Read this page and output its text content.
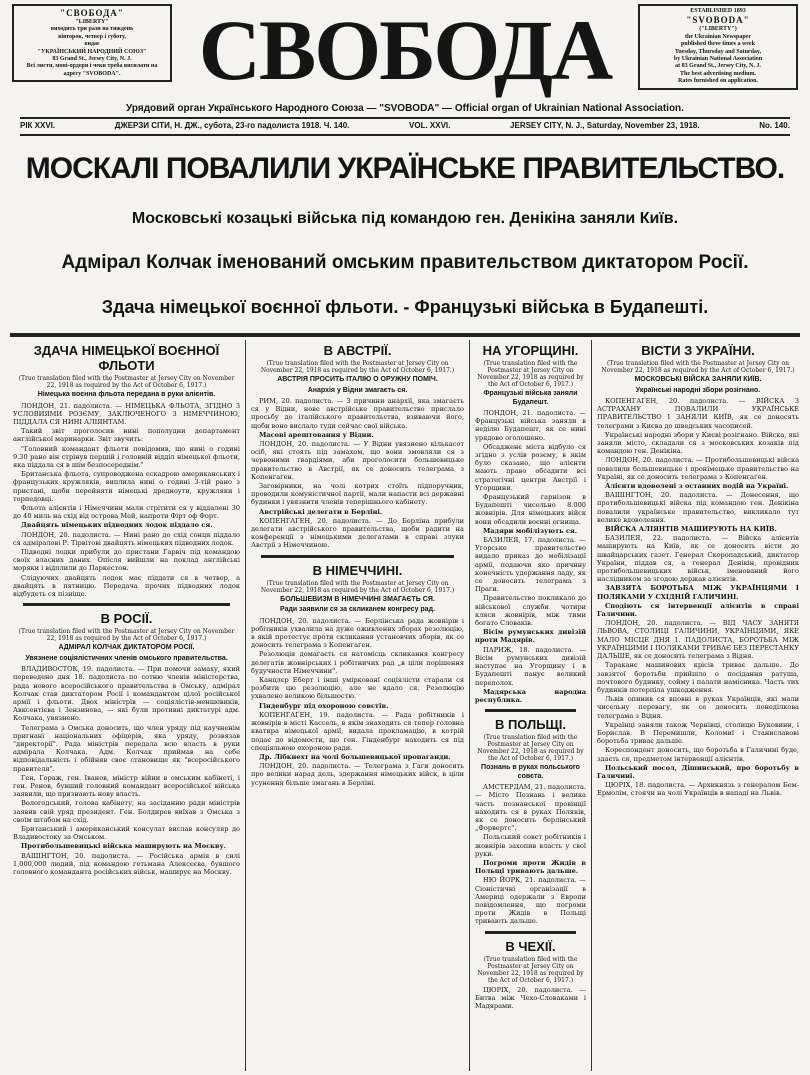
"СВОБОДА"
"LIBERTY"
виходить три рази на тиждень
вівторок, четвер і суботу,
видає
"УКРАЇНСЬКИЙ НАРОДНИЙ СОЮЗ"
83 Grand St., Jersey City, N. J.
Всі листи, моні-ордери і чеки треба висилати на адресу "SVOBODA". СВОБОДА	ESTABLISHED 1893
"SVOBODA"
("LIBERTY")
the Ukrainian Newspaper
published three times a week
Tuesday, Thursday and Saturday,
by Ukrainian National Association
at 83 Grand St., Jersey City, N. J.
The best advertising medium.
Rates furnished on application.
Урядовий орган Українського Народного Союза — "SVOBODA" — Official organ of Ukrainian National Association.
РІК XXVI.	ДЖЕРЗИ СІТИ, Н. ДЖ., субота, 23-го падолиста 1918. Ч. 140.	VOL. XXVI.	JERSEY CITY, N. J., Saturday, November 23, 1918.	No. 140.
МОСКАЛІ ПОВАЛИЛИ УКРАЇНСЬКЕ ПРАВИТЕЛЬСТВО.
Московські козацькі війська під командою ген. Денікіна заняли Київ.
Адмірал Колчак іменований омським правительством диктатором Росії.
Здача німецької воєнної фльоти. - Французькі війська в Будапешті.
ЗДАЧА НІМЕЦЬКОЇ ВОЄННОЇ ФЛЬОТИ
(True translation filed with the Postmaster at Jersey City on November 22, 1918 as required by the Act of October 6, 1917.)
Німецька воєнна фльота передана в руки алієнтів.

ЛОНДОН, 21. падолиста. — НІМЕЦЬКА ФЛЬОТА, ЗГІДНО З УСЛОВИЯМИ РОЗЄМУ, ЗАКЛЮЧЕНОГО З НІМЕЧЧИНОЮ, ПІДДАЛА СЯ НИНІ АЛІЯНТАМ.

Такий звіт проголосив нині пополудни департамент англійської маринарки. Звіт звучить:

"Головний командант фльоти повідомив, що нині о годині 9.30 рано він стрінув першій і головній відділ німецької фльоти, яка піддала ся в шім безпосереднім."

Британська фльота, супроводжена ескадрою американських і французьких кружляків, виплила нині о годині 3-тій рано з пристані, щоби перейняти німецькі дредноути, кружляки і торпедовці.

Фльота алієнтів і Німеччини мали стрітити ся у віддалені 30 до 40 миль на схід від острова Мей, напроти Фірт оф Форт.

Двайцять німецьких підводних лодок піддало ся.

ЛОНДОН, 20. падолиста. — Нині рано до схід сонця піддало ся адміралові Р. Тірвітові двайцять німецьких підводних лодок.

Підводні лодки прибули до пристани Гарвіч під командою своїх власних даних. Опісля вийшли на поклад англійські моряки і відплили до Паркестон.

Слідуючих двайцять лодок має піддати ся в четвер, а двайцять в пятницю. Передача прочих підводних лодок відбудеть ся пізніще.

В РОСІЇ.
(True translation filed with the Postmaster at Jersey City on November 22, 1918 as required by the Act of October 6, 1917.)
АДМІРАЛ КОЛЧАК ДИКТАТОРОМ РОСІЇ.
Увязнене соціялістичних членів омського правительства.

ВЛАДИВОСТОК, 19. падолиста. — При помочи замаху, який переведено дня 18. падолиста по сотню членів міністерства, рада нового всеросійського правительства в Омську, адмірал Колчак став диктатором Росії і командантом цілої російської армії і фльоти. Двох міністрів — соціялістів-меншевиків, Авксентієва і Зензинова, — які були противні диктатурі адм. Колчака, увязнено.

Телеграма з Омська доносить, що член уряду під каучненім пригнані національних офіцерів, яка уряду, розвязав "директорії". Рада міністрів передала всю власть в руки адмірала Колчака. Адм. Колчак приймав на себе відповідальність і обійняв своє становище як "всеросійського правителя".

Ген. Гораж, ген. Іванов, міністр війни в омським кабінеті, і ген. Ренов, бувший головний командант всеросійської війська заявили, що признають нову власть.

Вологодський, голова кабінету, на засіданню ради міністрів заявив свій уряд президент. Ген. Болдирев виїхав з Омська з своїм штабом на схід.

Британський і американський консулат вислав консуляр до Владивостоку за Омськом.

Протибольшевицькі війська маширують на Москву.

ВАШІНГТОН, 20. падолиста. — Російська армія в силі 1,000,000 людий, під командою гетьмана Алексєєва, бувшого головного команданта російських військ, маширує на Москву.

В АВСТРІЇ.
(True translation filed with the Postmaster at Jersey City on November 22, 1918 as required by the Act of October 6, 1917.)
АВСТРІЯ ПРОСИТЬ ІТАЛІЮ О ОРУЖНУ ПОМІЧ.
Анархія у Відни змагаєть ся.

РИМ, 20. падолиста. — З причини анархії, яка змагаєть ся у Відни, нове австрійське правительство прислало просьбу до італійського правительства, взиваючи його, щоби воно вислало туди сейчас свої війська.

Масові арештовання у Відни.

ЛОНДОН, 20. падолиста. — У Відни увязнено кількасот осіб, які стоять під замахом, що вони змовляли ся з червоними гвардіями, аби проголосити большевицьке правительство в Австрії, як се доносить телеграма з Копенгаґен.

Заговірники, на чолі котрих стоїть підпоручник, проводили комуністичної партії, мали напасти всі державні будинки і увязнити членів теперішнього кабінету.

Австрійські делегати в Берліні.

КОПЕНГАҐЕН, 20. падолиста. — До Берліна прибули делегати австрійського правительства, щоби радити на конференції з німецькими делегатами в справі злуки Австрії з Німеччиною.

В НІМЕЧЧИНІ.
(True translation filed with the Postmaster at Jersey City on November 22, 1918 as required by the Act of October 6, 1917.)
БОЛЬШЕВИЗМ В НІМЕЧЧИНІ ЗМАГАЄТЬ СЯ.
Ради заявили ся за скликанем конгресу рад.

ЛОНДОН, 20. падолиста. — Берлінська рада жовнірів і робітників ухвалила на дуже оживлених зборах резолюцію, в якій протестує проти скликання установчих зборів, як се доносить телеграма з Копенгаґен.

Резолюція домагаєть ся натомісць скликання конгресу делегатів жовнірських і робітничих рад „в ціли порішення будучности Німеччини".

Канцлєр Еберт і інші уміркованї соціялісти старали ся розбити цю резолюцію, але не вдало ся. Резолюцію ухвалено великою більшостю.

Гінденбург під охороною совєтів.

КОПЕНГАҐЕН, 19. падолиста. — Рада робітників і жовнірів в місті Кассель, в якім знаходить ся тепер головна кватира німецької армії, видала прокламацію, в котрій подає до відомости, що ген. Гінденбург находить ся під спеціяльною охороною ради.

Др. Лібкнехт на чолі большевицької пропаганди.

ЛОНДОН, 20. падолиста. — Телеграма з Гаги доносить про велики нарад дель, здержання німецьких війск, в ціли усунення більше змагань в Берліні.

НА УГОРЩИНІ.
(True translation filed with the Postmaster at Jersey City on November 22, 1918 as required by the Act of October 6, 1917.)
Французькі війська заняли Будапешт.

ЛОНДОН, 21. падолиста. — Французькі війська заняли в неділю Будапешт, як се нині урядово оголошено.

Обсадженє міста відбуло ся згідно з услів розєму, в якім було сказано, що алієнти мають право обсадити всі стратегічні центри Австрії і Угорщини.

Французький гарнізон в Будапешті чисельно 8.000 жовнірів. Для німецьких війск вони обсадили воєнні огнища.

Мадяри мобілізують ся.

БАЗИЛЕЯ, 17. падолиста. — Угорське правительство видало приказ до мобілізації армії, подаючи яко причину конечність удержання ладу, як се доносить телеграма з Праги.

Правительство покликало до військової служби чотири кляси жовнірів, між тими богато Словаків.

Вісім румунських дивізій проти Мадярів.

ПАРИЖ, 18. падолиста. — Вісім румунських дивізій наступає на Угорщину і в Будапешті панує великий переполох.

Мадярська народна республика.

В ПОЛЬЩІ.
(True translation filed with the Postmaster at Jersey City on November 22, 1918 as required by the Act of October 6, 1917.)
Познань в руках польського совєта.

АМСТЕРДАМ, 21. падолиста. — Місто Познань і велика часть познанської провінції находить ся в руках Поляків, як се доносить берлінський „Форвертс".

Польський совєт робітників і жовнірів захопив власть у свої руки.

Погроми проти Жидів в Польщі тривають дальше.

НЮ ЙОРК, 21. падолиста. — Сіоністичні організації в Америці одержали з Европи повідомлення, що погроми проти Жидів в Польщі тривають дальше.

В ЧЕХІЇ.
(True translation filed with the Postmaster at Jersey City on November 22, 1918 as required by the Act of October 6, 1917.)

ЦЮРІХ, 20. падолиста. — Битва між Чехо-Словаками і Мадярами.

ВІСТИ З УКРАЇНИ.
(True translation filed with the Postmaster at Jersey City on November 22, 1918 as required by the Act of October 6, 1917.)
МОСКОВСЬКІ ВІЙСКА ЗАНЯЛИ КИЇВ.
Українські народні збори розігнано.

КОПЕНГАҐЕН, 20. падолиста. — ВІЙСКА З АСТРАХАНУ ПОВАЛИЛИ УКРАЇНСЬКЕ ПРАВИТЕЛЬСТВО І ЗАНЯЛИ КИЇВ, як се доносять телеграми з Києва до шведських часописей.

Українські народні збори у Києві розігнано. Війска, які заняли місто, складали ся з московських козаків під командою ген. Денікіна.

ЛОНДОН, 20. падолиста. — Протибольшевицькі війска повалили большевицьке і пронімецьке правительство на Україні, як се доносить телеграма з Копенгаґен.

Алієнти вдоволені з останних подій на Україні.

ВАШІНГТОН, 20. падолиста. — Донесення, що протибольшевицькі війска під командою ген. Денікіна повалили українське правительство, викликало тут велике вдоволення.

ВІЙСКА АЛІЯНТІВ МАШИРУЮТЬ НА КИЇВ.

БАЗИЛЕЯ, 22. падолиста. — Війска алієнтів маширують на Київ, як се доносять вісти до швайцарських газет. Генерал Скоропадський, диктатор України, піддав ся, а генерал Денікін, провідник протибольшевицьких військ, іменований його наслідником за згодою держав алієнтів.

ЗАВЗЯТА БОРОТЬБА МІЖ УКРАЇНЦЯМИ І ПОЛЯКАМИ У СХІДНІЙ ГАЛИЧИНІ.

Сподіють ся інтервенції алієнтів в справі Галичини.

ЛОНДОН, 20. падолиста. — ВІД ЧАСУ ЗАНЯТЯ ЛЬВОВА, СТОЛИЦІ ГАЛИЧИНИ, УКРАЇНЦЯМИ, ЯКЕ МАЛО МІСЦЕ ДНЯ 1. ПАДОЛИСТА, БОРОТЬБА МІЖ УКРАЇНЦЯМИ І ПОЛЯКАМИ ТРИВАЄ БЕЗ ПЕРЕСТАНКУ ДАЛЬШЕ, як се доносить телеграма з Відня.

Тараканє машинових крісів триває дальше. До завзятої боротьби прийшло о посідання ратуша, почтового будинку, сойму і палати намісника. Часть тих будинків потерпіла ушкодження.

Львів опинив ся вповні в руках Українців, які мали чисельну перевагу, як се доносить понеділкова телеграма з Відня.

Українці заняли також Чернівці, столицю Буковини, і Борислав. В Перемишли, Коломиї і Станиславові боротьба триває дальше.

Кореспондент доносить, що боротьба в Галичині буде, здаєть ся, предметом інтервенції алієнтів.

Польський посол, Дішинський, про боротьбу в Галичині.

ЦЮРІХ, 18. падолиста. — Архикнязь з генералом Бем-Ермолім, стоячи на чолі Українців в нападі на Львів.
